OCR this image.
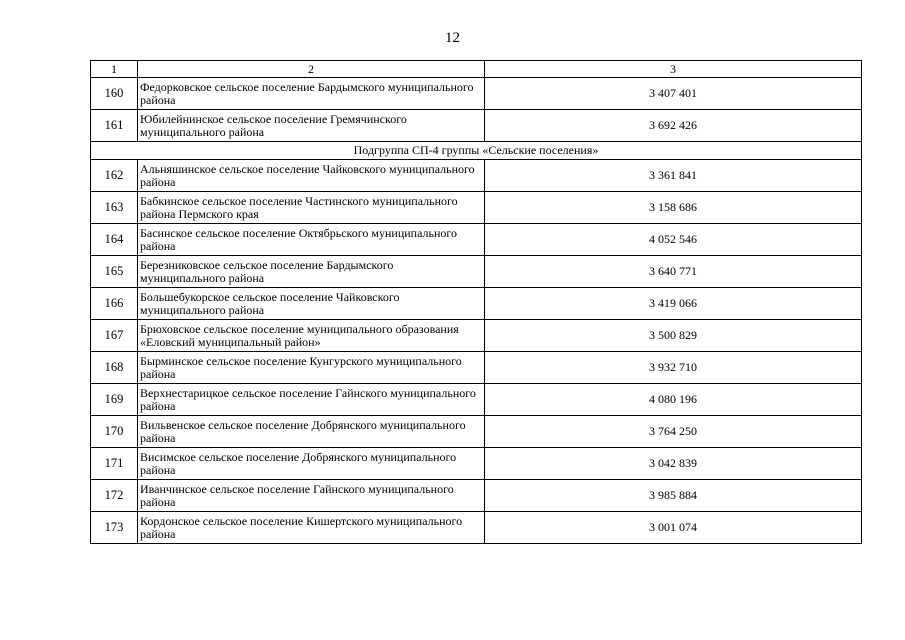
12
1	2	3
160	Федорковское сельское поселение Бардымского муниципального района	3 407 401
161	Юбилейнинское сельское поселение Гремячинского муниципального района	3 692 426
Подгруппа СП-4 группы «Сельские поселения»		
162	Альняшинское сельское поселение Чайковского муниципального района	3 361 841
163	Бабкинское сельское поселение Частинского муниципального района Пермского края	3 158 686
164	Басинское сельское поселение Октябрьского муниципального района	4 052 546
165	Березниковское сельское поселение Бардымского муниципального района	3 640 771
166	Большебукорское сельское поселение Чайковского муниципального района	3 419 066
167	Брюховское сельское поселение муниципального образования «Еловский муниципальный район»	3 500 829
168	Бырминское сельское поселение Кунгурского муниципального района	3 932 710
169	Верхнестарицкое сельское поселение Гайнского муниципального района	4 080 196
170	Вильвенское сельское поселение Добрянского муниципального района	3 764 250
171	Висимское сельское поселение Добрянского муниципального района	3 042 839
172	Иванчинское сельское поселение Гайнского муниципального района	3 985 884
173	Кордонское сельское поселение Кишертского муниципального района	3 001 074
